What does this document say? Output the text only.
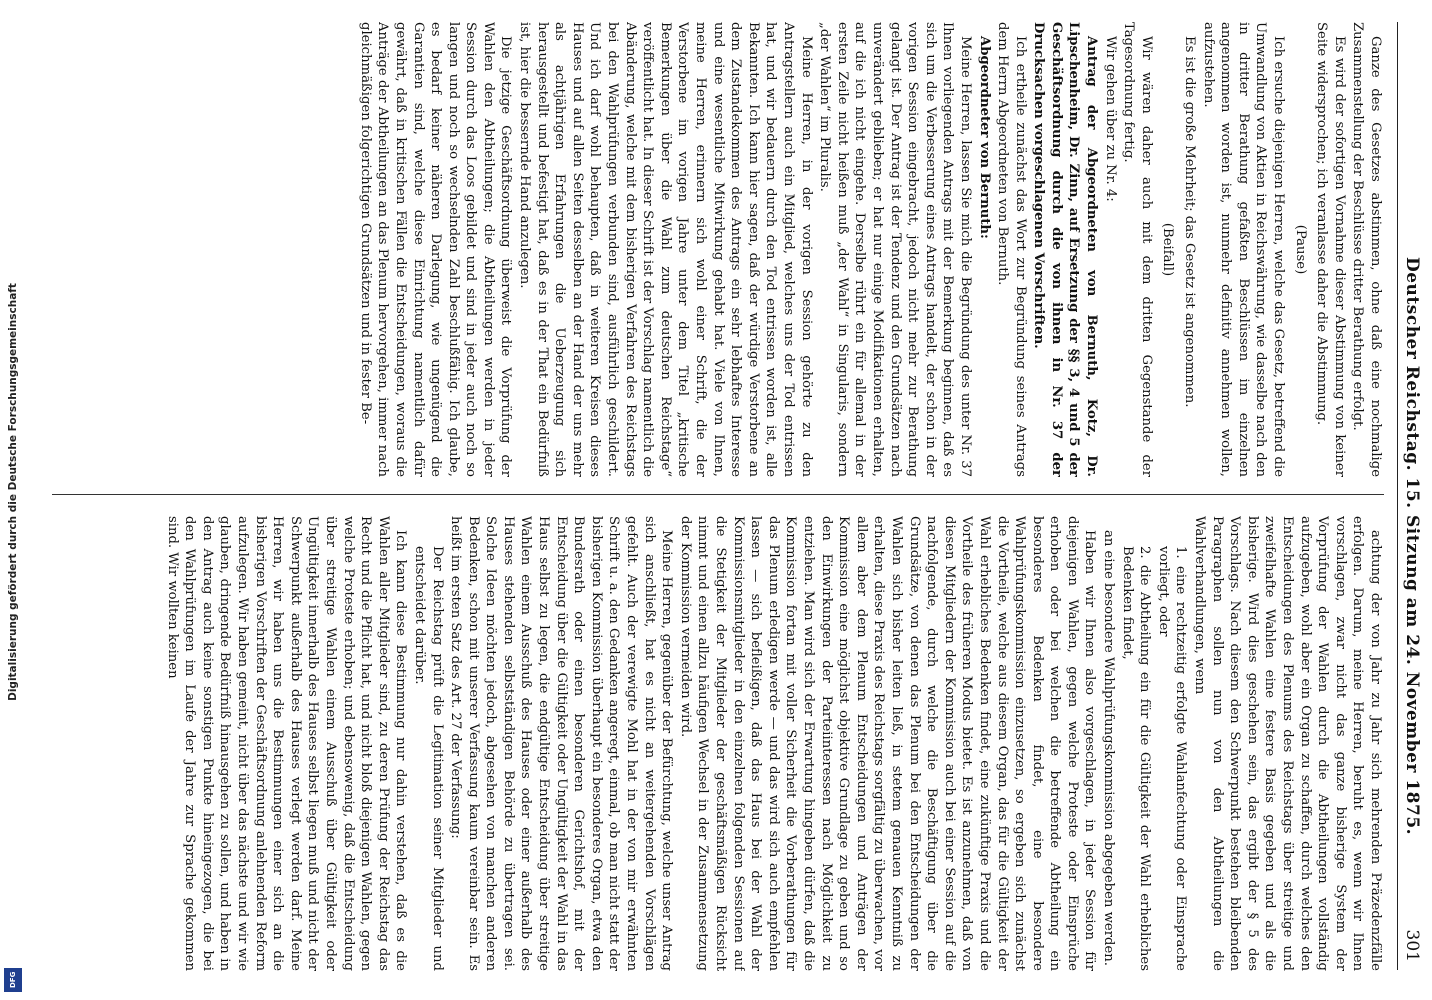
Digitalisierung gefördert durch die Deutsche Forschungsgemeinschaft
DFG
Deutscher Reichstag. 15. Sitzung am 24. November 1875.
301

Ganze des Gesetzes abstimmen, ohne daß eine nochmalige Zusammenstellung der Beschlüsse dritter Berathung erfolgt.

Es wird der sofortigen Vornahme dieser Abstimmung von keiner Seite widersprochen; ich veranlasse daher die Abstimmung.

(Pause)

Ich ersuche diejenigen Herren, welche das Gesetz, betreffend die Umwandlung von Aktien in Reichswährung, wie dasselbe nach den in dritter Berathung gefaßten Beschlüssen im einzelnen angenommen worden ist, nunmehr definitiv annehmen wollen, aufzustehen.

Es ist die große Mehrheit; das Gesetz ist angenommen.

(Beifall)

Wir wären daher auch mit dem dritten Gegenstande der Tagesordnung fertig.

Wir gehen über zu Nr. 4:

Antrag der Abgeordneten von Bernuth, Kotz, Dr. Lipschenheim, Dr. Zinn, auf Ersetzung der §§ 3, 4 und 5 der Geschäftsordnung durch die von ihnen in Nr. 37 der Drucksachen vorgeschlagenen Vorschriften.

Ich ertheile zunächst das Wort zur Begründung seines Antrags dem Herrn Abgeordneten von Bernuth.

Abgeordneter von Bernuth:

Meine Herren, lassen Sie mich die Begründung des unter Nr. 37 Ihnen vorliegenden Antrags mit der Bemerkung beginnen, daß es sich um die Verbesserung eines Antrags handelt, der schon in der vorigen Session eingebracht, jedoch nicht mehr zur Berathung gelangt ist. Der Antrag ist der Tendenz und den Grundsätzen nach unverändert geblieben; er hat nur einige Modifikationen erhalten, auf die ich nicht eingehe. Derselbe rührt ein für allemal in der ersten Zeile nicht heißen muß „der Wahl“ in Singularis, sondern „der Wahlen“ im Pluralis.

Meine Herren, in der vorigen Session gehörte zu den Antragstellern auch ein Mitglied, welches uns der Tod entrissen hat, und wir bedauern durch den Tod entrissen worden ist, alle Bekannten. Ich kann hier sagen, daß der würdige Verstorbene an dem Zustandekommen des Antrags ein sehr lebhaftes Interesse und eine wesentliche Mitwirkung gehabt hat. Viele von Ihnen, meine Herren, erinnern sich wohl einer Schrift, die der Verstorbene im vorigen Jahre unter dem Titel „kritische Bemerkungen über die Wahl zum deutschen Reichstage“ veröffentlicht hat. In dieser Schrift ist der Vorschlag namentlich die Abänderung, welche mit dem bisherigen Verfahren des Reichstags bei den Wahlprüfungen verbunden sind, ausführlich geschildert. Und ich darf wohl behaupten, daß in weiteren Kreisen dieses Hauses und auf allen Seiten desselben an der Hand der uns mehr als achtjährigen Erfahrungen die Ueberzeugung sich herausgestellt und befestigt hat, daß es in der That ein Bedürfniß ist, hier die bessernde Hand anzulegen.

Die jetzige Geschäftsordnung überweist die Vorprüfung der Wahlen den Abtheilungen; die Abtheilungen werden in jeder Session durch das Loos gebildet und sind in jeder auch noch so langen und noch so wechselnden Zahl beschlußfähig. Ich glaube, es bedarf keiner näheren Darlegung, wie ungenügend die Garantien sind, welche diese Einrichtung namentlich dafür gewährt, daß in kritischen Fällen die Entscheidungen, woraus die Anträge der Abtheilungen an das Plenum hervorgehen, immer nach gleichmäßigen folgerichtigen Grundsätzen und in fester Be-

achtung der von Jahr zu Jahr sich mehrenden Präzedenzfälle erfolgen. Darum, meine Herren, beruht es, wenn wir Ihnen vorschlagen, zwar nicht das ganze bisherige System der Vorprüfung der Wahlen durch die Abtheilungen vollständig aufzugeben, wohl aber ein Organ zu schaffen, durch welches den Entscheidungen des Plenums des Reichstags über streitige und zweifelhafte Wahlen eine festere Basis gegeben und als die bisherige. Wird dies geschehen sein, das ergibt der § 5 des Vorschlags. Nach diesem den Schwerpunkt bestehen bleibenden Paragraphen sollen nun von den Abtheilungen die Wahlverhandlungen, wenn

1. eine rechtzeitig erfolgte Wahlanfechtung oder Einsprache vorliegt, oder

2. die Abtheilung ein für die Gültigkeit der Wahl erhebliches Bedenken findet,

an eine besondere Wahlprüfungskommission abgegeben werden.

Haben wir Ihnen also vorgeschlagen, in jeder Session für diejenigen Wahlen, gegen welche Proteste oder Einsprüche erhoben oder bei welchen die betreffende Abtheilung ein besonderes Bedenken findet, eine besondere Wahlprüfungskommission einzusetzen, so ergeben sich zunächst die Vortheile, welche aus diesem Organ, das für die Gültigkeit der Wahl erhebliches Bedenken findet, eine zukünftige Praxis und die Vortheile des früheren Modus bietet. Es ist anzunehmen, daß von diesen Mitgliedern der Kommission auch bei einer Session auf die nachfolgende, durch welche die Beschäftigung über die Grundsätze, von denen das Plenum bei den Entscheidungen der Wahlen sich bisher leiten ließ, in stetem genauen Kenntniß zu erhalten, diese Praxis des Reichstags sorgfältig zu überwachen, vor allem aber dem Plenum Entscheidungen und Anträgen der Kommission eine möglichst objektive Grundlage zu geben und so den Einwirkungen der Parteiinteressen nach Möglichkeit zu entziehen. Man wird sich der Erwartung hingeben dürfen, daß die Kommission fortan mit voller Sicherheit die Vorberathungen für das Plenum erledigen werde — und das wird sich auch empfehlen lassen — sich befleißigen, daß das Haus bei der Wahl der Kommissionsmitglieder in den einzelnen folgenden Sessionen auf die Stetigkeit der Mitglieder der geschäftsmäßigen Rücksicht nimmt und einen allzu häufigen Wechsel in der Zusammensetzung der Kommission vermeiden wird.

Meine Herren, gegenüber der Befürchtung, welche unser Antrag sich anschließt, hat es nicht an weitergehenden Vorschlägen gefehlt. Auch der verewigte Mohl hat in der von mir erwähnten Schrift u. a. den Gedanken angeregt, einmal, ob man nicht statt der bisherigen Kommission überhaupt ein besonderes Organ, etwa den Bundesrath oder einen besonderen Gerichtshof, mit der Entscheidung über die Gültigkeit oder Ungültigkeit der Wahl in das Haus selbst zu legen, die endgültige Entscheidung über streitige Wahlen einem Ausschuß des Hauses oder einer außerhalb des Hauses stehenden selbstständigen Behörde zu übertragen sei. Solche Ideen möchten jedoch, abgesehen von manchen anderen Bedenken, schon mit unserer Verfassung kaum vereinbar sein. Es heißt im ersten Satz des Art. 27 der Verfassung:

Der Reichstag prüft die Legitimation seiner Mitglieder und entscheidet darüber.

Ich kann diese Bestimmung nur dahin verstehen, daß es die Wahlen aller Mitglieder sind, zu deren Prüfung der Reichstag das Recht und die Pflicht hat, und nicht bloß diejenigen Wahlen, gegen welche Proteste erhoben; und ebensowenig, daß die Entscheidung über streitige Wahlen einem Ausschuß über Gültigkeit oder Ungültigkeit innerhalb des Hauses selbst liegen muß und nicht der Schwerpunkt außerhalb des Hauses verlegt werden darf. Meine Herren, wir haben uns die Bestimmungen einer sich an die bisherigen Vorschriften der Geschäftsordnung anlehnenden Reform aufzulegen. Wir haben gemeint, nicht über das nächste und wir wie glauben, dringende Bedürfniß hinausgehen zu sollen, und haben in den Antrag auch keine sonstigen Punkte hineingezogen, die bei den Wahlprüfungen im Laufe der Jahre zur Sprache gekommen sind. Wir wollten keinen
